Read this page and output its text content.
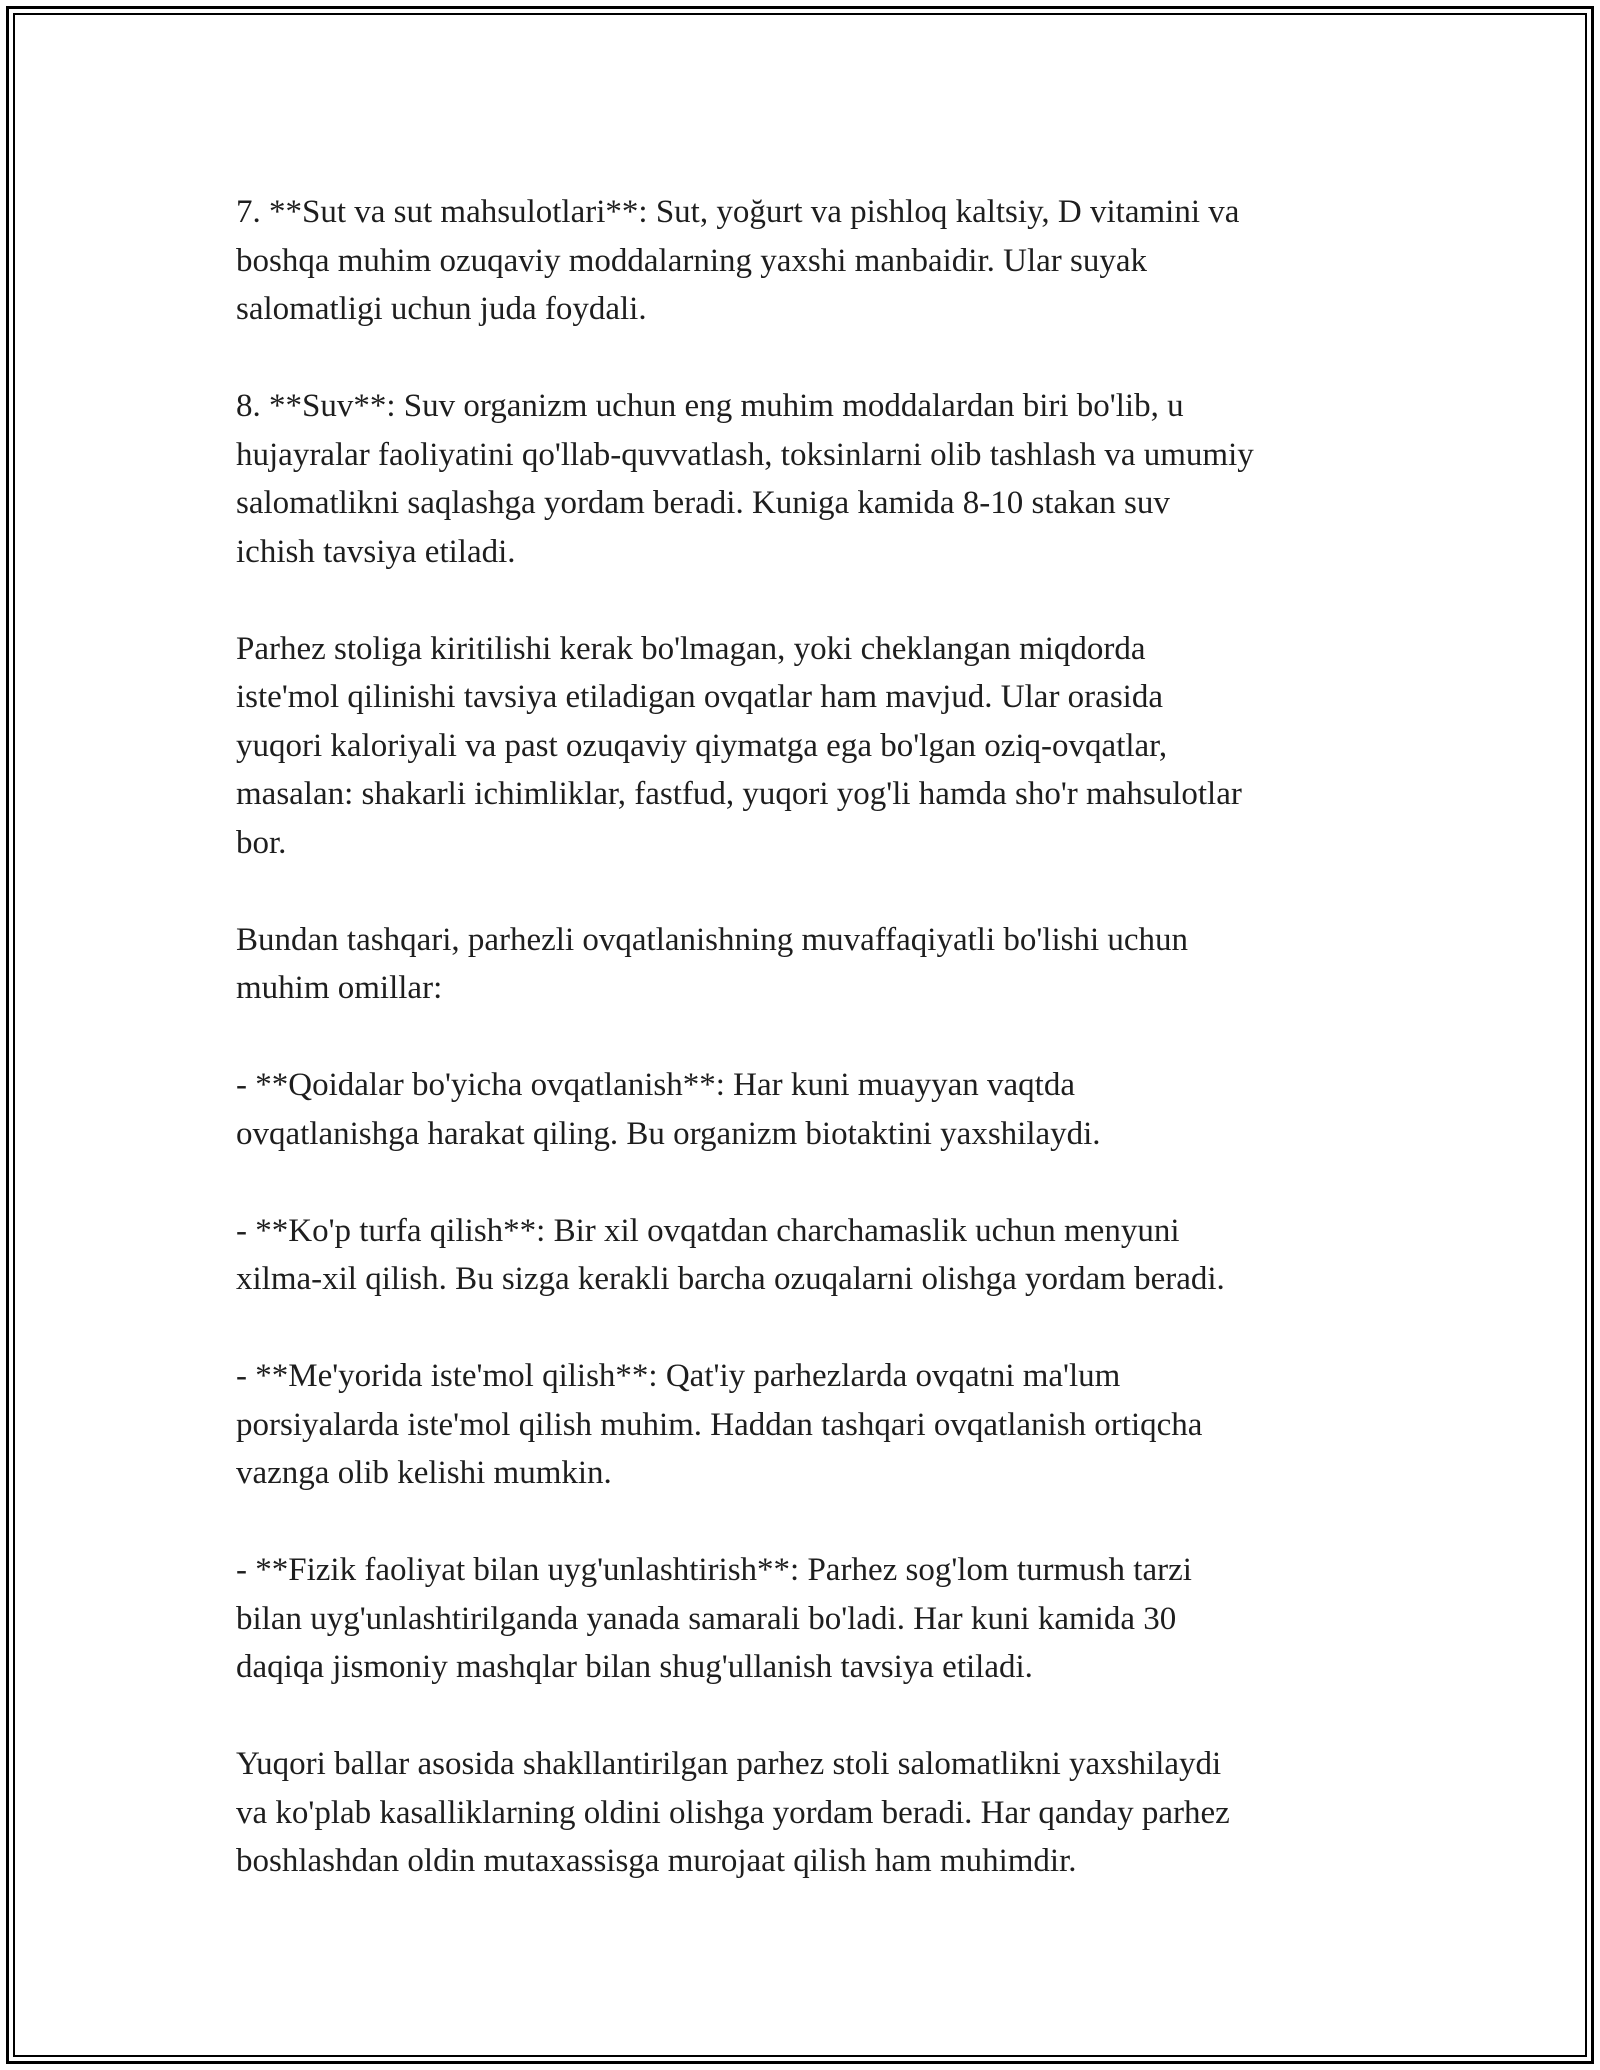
7. **Sut va sut mahsulotlari**: Sut, yoğurt va pishloq kaltsiy, D vitamini va
boshqa muhim ozuqaviy moddalarning yaxshi manbaidir. Ular suyak
salomatligi uchun juda foydali.

8. **Suv**: Suv organizm uchun eng muhim moddalardan biri bo'lib, u
hujayralar faoliyatini qo'llab-quvvatlash, toksinlarni olib tashlash va umumiy
salomatlikni saqlashga yordam beradi. Kuniga kamida 8-10 stakan suv
ichish tavsiya etiladi.

Parhez stoliga kiritilishi kerak bo'lmagan, yoki cheklangan miqdorda
iste'mol qilinishi tavsiya etiladigan ovqatlar ham mavjud. Ular orasida
yuqori kaloriyali va past ozuqaviy qiymatga ega bo'lgan oziq-ovqatlar,
masalan: shakarli ichimliklar, fastfud, yuqori yog'li hamda sho'r mahsulotlar
bor.

Bundan tashqari, parhezli ovqatlanishning muvaffaqiyatli bo'lishi uchun
muhim omillar:

- **Qoidalar bo'yicha ovqatlanish**: Har kuni muayyan vaqtda
ovqatlanishga harakat qiling. Bu organizm biotaktini yaxshilaydi.

- **Ko'p turfa qilish**: Bir xil ovqatdan charchamaslik uchun menyuni
xilma-xil qilish. Bu sizga kerakli barcha ozuqalarni olishga yordam beradi.

- **Me'yorida iste'mol qilish**: Qat'iy parhezlarda ovqatni ma'lum
porsiyalarda iste'mol qilish muhim. Haddan tashqari ovqatlanish ortiqcha
vaznga olib kelishi mumkin.

- **Fizik faoliyat bilan uyg'unlashtirish**: Parhez sog'lom turmush tarzi
bilan uyg'unlashtirilganda yanada samarali bo'ladi. Har kuni kamida 30
daqiqa jismoniy mashqlar bilan shug'ullanish tavsiya etiladi.

Yuqori ballar asosida shakllantirilgan parhez stoli salomatlikni yaxshilaydi
va ko'plab kasalliklarning oldini olishga yordam beradi. Har qanday parhez
boshlashdan oldin mutaxassisga murojaat qilish ham muhimdir.
